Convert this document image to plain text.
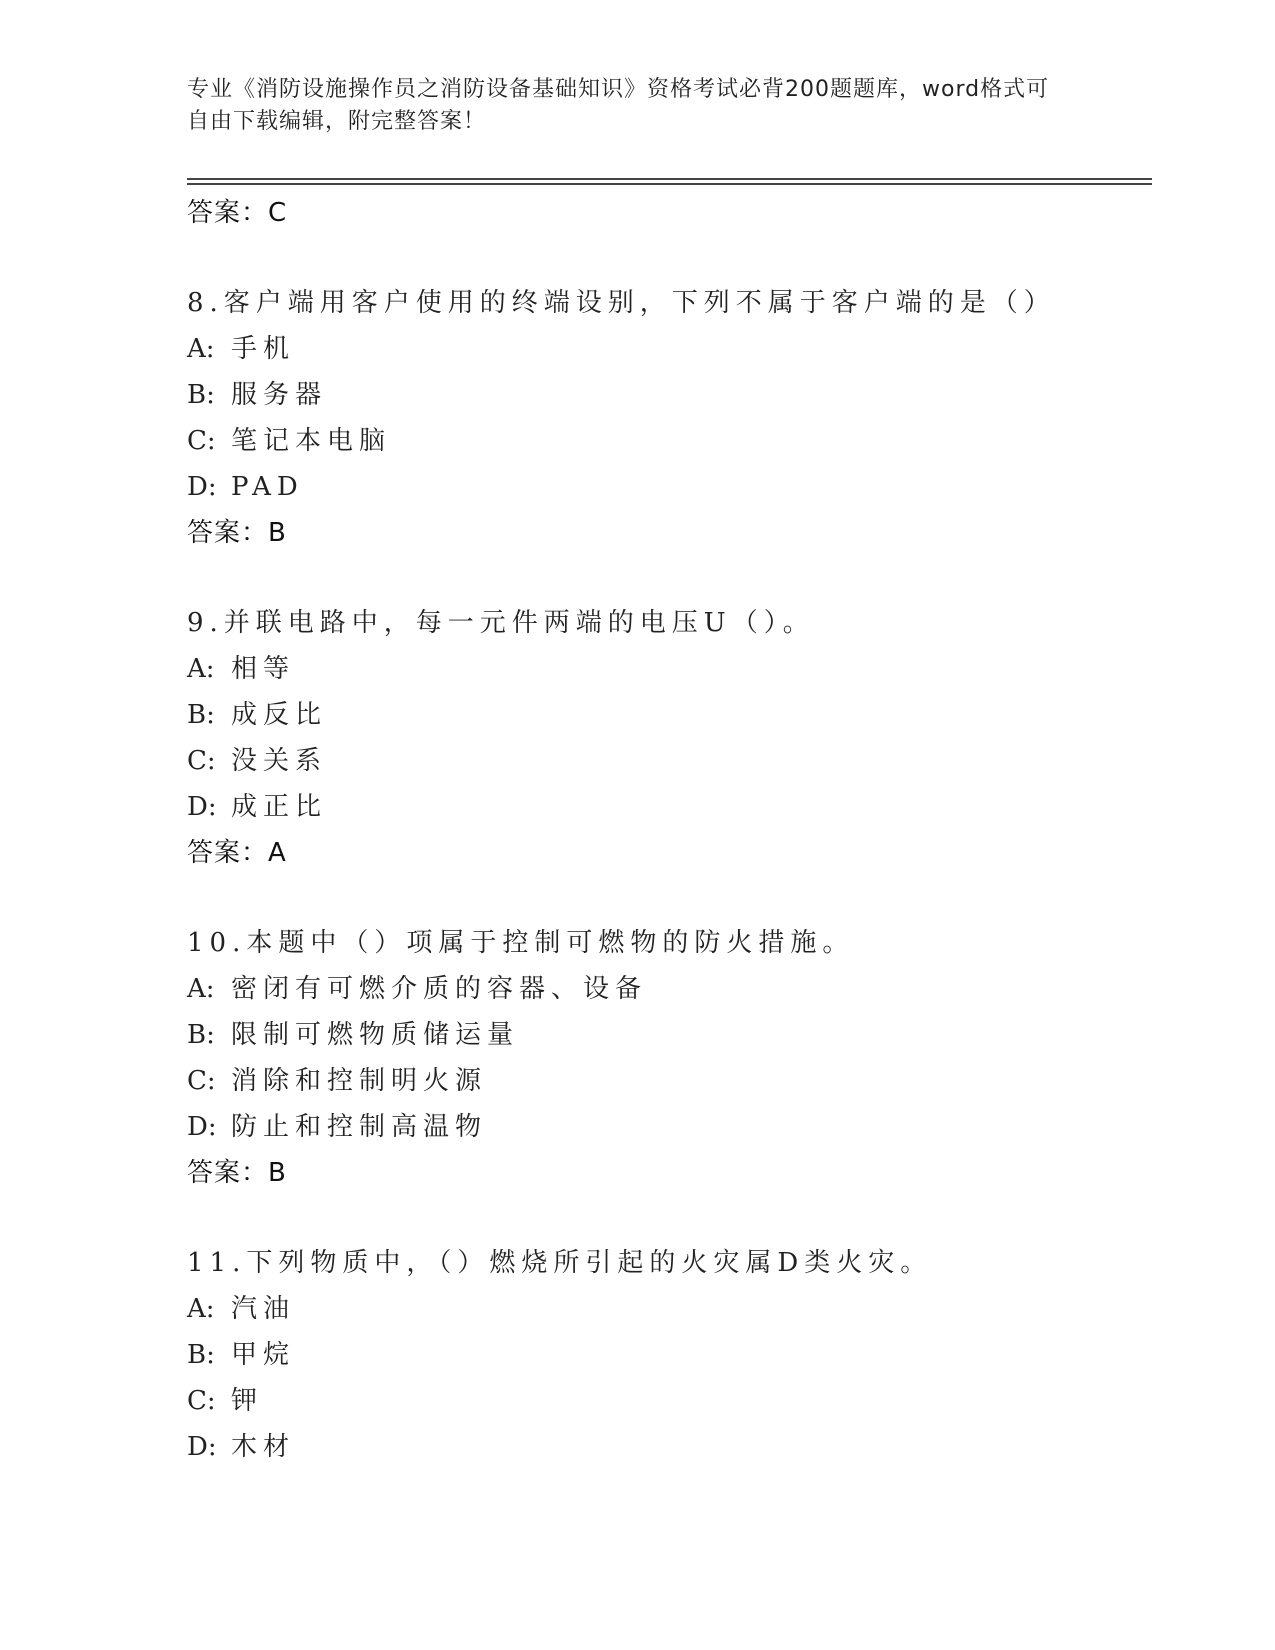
专业《消防设施操作员之消防设备基础知识》资格考试必背200题题库，word格式可自由下载编辑，附完整答案！
答案：C
8.客户端用客户使用的终端设别，下列不属于客户端的是（）
A: 手机
B: 服务器
C: 笔记本电脑
D: PAD
答案：B
9.并联电路中，每一元件两端的电压U（）。
A: 相等
B: 成反比
C: 没关系
D: 成正比
答案：A
10.本题中（）项属于控制可燃物的防火措施。
A: 密闭有可燃介质的容器、设备
B: 限制可燃物质储运量
C: 消除和控制明火源
D: 防止和控制高温物
答案：B
11.下列物质中，（）燃烧所引起的火灾属D类火灾。
A: 汽油
B: 甲烷
C: 钾
D: 木材
